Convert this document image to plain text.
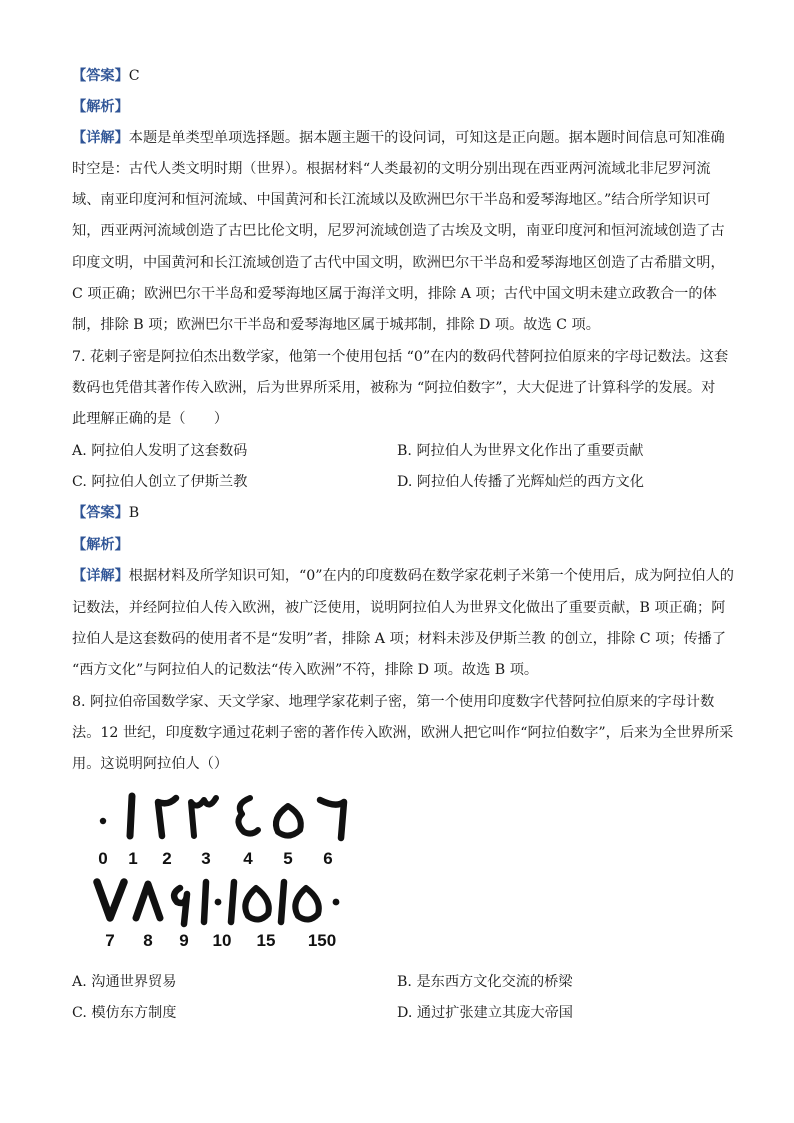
【答案】C
【解析】
【详解】本题是单类型单项选择题。据本题主题干的设问词，可知这是正向题。据本题时间信息可知准确
时空是：古代人类文明时期（世界）。根据材料“人类最初的文明分别出现在西亚两河流域北非尼罗河流
域、南亚印度河和恒河流域、中国黄河和长江流域以及欧洲巴尔干半岛和爱琴海地区。”结合所学知识可
知，西亚两河流域创造了古巴比伦文明，尼罗河流域创造了古埃及文明，南亚印度河和恒河流域创造了古
印度文明，中国黄河和长江流域创造了古代中国文明，欧洲巴尔干半岛和爱琴海地区创造了古希腊文明，
C 项正确；欧洲巴尔干半岛和爱琴海地区属于海洋文明，排除 A 项；古代中国文明未建立政教合一的体
制，排除 B 项；欧洲巴尔干半岛和爱琴海地区属于城邦制，排除 D 项。故选 C 项。
7. 花剌子密是阿拉伯杰出数学家，他第一个使用包括 “0”在内的数码代替阿拉伯原来的字母记数法。这套
数码也凭借其著作传入欧洲，后为世界所采用，被称为 “阿拉伯数字”，大大促进了计算科学的发展。对
此理解正确的是（　　）
A. 阿拉伯人发明了这套数码	B. 阿拉伯人为世界文化作出了重要贡献
C. 阿拉伯人创立了伊斯兰教	D. 阿拉伯人传播了光辉灿烂的西方文化
【答案】B
【解析】
【详解】根据材料及所学知识可知，“0”在内的印度数码在数学家花剌子米第一个使用后，成为阿拉伯人的
记数法，并经阿拉伯人传入欧洲，被广泛使用，说明阿拉伯人为世界文化做出了重要贡献，B 项正确；阿
拉伯人是这套数码的使用者不是“发明”者，排除 A 项；材料未涉及伊斯兰教 的创立，排除 C 项；传播了
“西方文化”与阿拉伯人的记数法“传入欧洲”不符，排除 D 项。故选 B 项。
8. 阿拉伯帝国数学家、天文学家、地理学家花剌子密，第一个使用印度数字代替阿拉伯原来的字母计数
法。12 世纪，印度数字通过花剌子密的著作传入欧洲，欧洲人把它叫作“阿拉伯数字”，后来为全世界所采
用。这说明阿拉伯人（）
0 1 2 3 4 5 6
7 8 9 10 15 150
A. 沟通世界贸易	B. 是东西方文化交流的桥梁
C. 模仿东方制度	D. 通过扩张建立其庞大帝国
